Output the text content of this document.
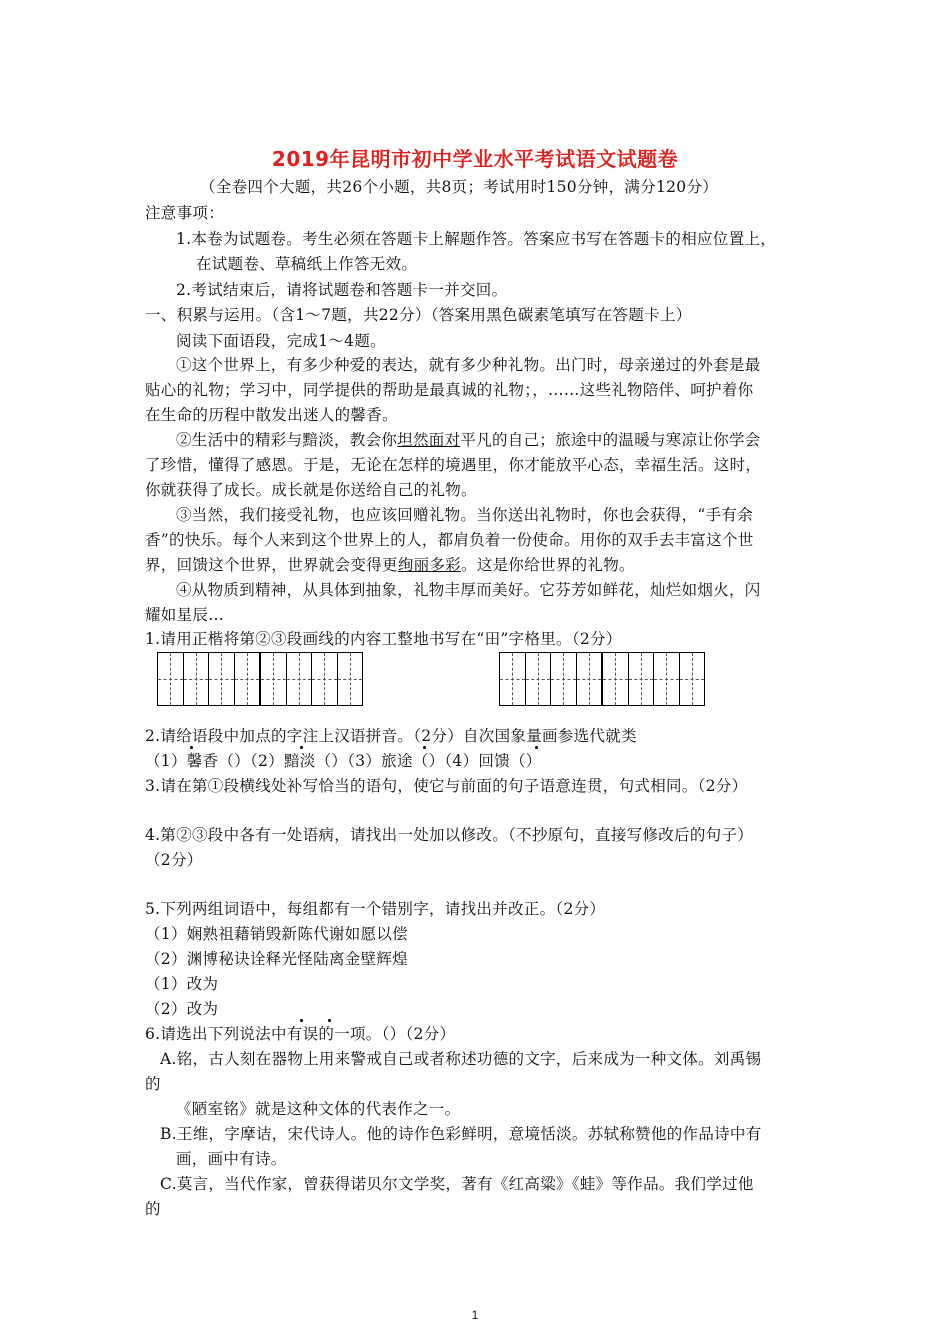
2019年昆明市初中学业水平考试语文试题卷
（全卷四个大题，共26个小题，共8页；考试用时150分钟，满分120分）
注意事项：
1.本卷为试题卷。考生必须在答题卡上解题作答。答案应书写在答题卡的相应位置上，
在试题卷、草稿纸上作答无效。
2.考试结束后，请将试题卷和答题卡一并交回。
一、积累与运用。（含1～7题，共22分）（答案用黑色碳素笔填写在答题卡上）
阅读下面语段，完成1～4题。
①这个世界上，有多少种爱的表达，就有多少种礼物。出门时，母亲递过的外套是最
贴心的礼物；学习中，同学提供的帮助是最真诚的礼物；，……这些礼物陪伴、呵护着你
在生命的历程中散发出迷人的馨香。
②生活中的精彩与黯淡，教会你坦然面对平凡的自己；旅途中的温暖与寒凉让你学会
了珍惜，懂得了感恩。于是，无论在怎样的境遇里，你才能放平心态，幸福生活。这时，
你就获得了成长。成长就是你送给自己的礼物。
③当然，我们接受礼物，也应该回赠礼物。当你送出礼物时，你也会获得，“手有余
香”的快乐。每个人来到这个世界上的人，都肩负着一份使命。用你的双手去丰富这个世
界，回馈这个世界，世界就会变得更绚丽多彩。这是你给世界的礼物。
④从物质到精神，从具体到抽象，礼物丰厚而美好。它芬芳如鲜花，灿烂如烟火，闪
耀如星辰…
1.请用正楷将第②③段画线的内容工整地书写在“田”字格里。（2分）
2.请给语段中加点的字注上汉语拼音。（2分）自次国象量画参选代就类
（1）馨香（）（2）黯淡（）（3）旅途（）（4）回馈（）
3.请在第①段横线处补写恰当的语句，使它与前面的句子语意连贯，句式相同。（2分）
4.第②③段中各有一处语病，请找出一处加以修改。（不抄原句，直接写修改后的句子）
（2分）
5.下列两组词语中，每组都有一个错别字，请找出并改正。（2分）
（1）娴熟祖藉销毁新陈代谢如愿以偿
（2）渊博秘诀诠释光怪陆离金壁辉煌
（1）改为
（2）改为
6.请选出下列说法中有误的一项。（）（2分）
A.铭，古人刻在器物上用来警戒自己或者称述功德的文字，后来成为一种文体。刘禹锡
的
《陋室铭》就是这种文体的代表作之一。
B.王维，字摩诘，宋代诗人。他的诗作色彩鲜明，意境恬淡。苏轼称赞他的作品诗中有
画，画中有诗。
C.莫言，当代作家，曾获得诺贝尔文学奖，著有《红高粱》《蛙》等作品。我们学过他
的
1
